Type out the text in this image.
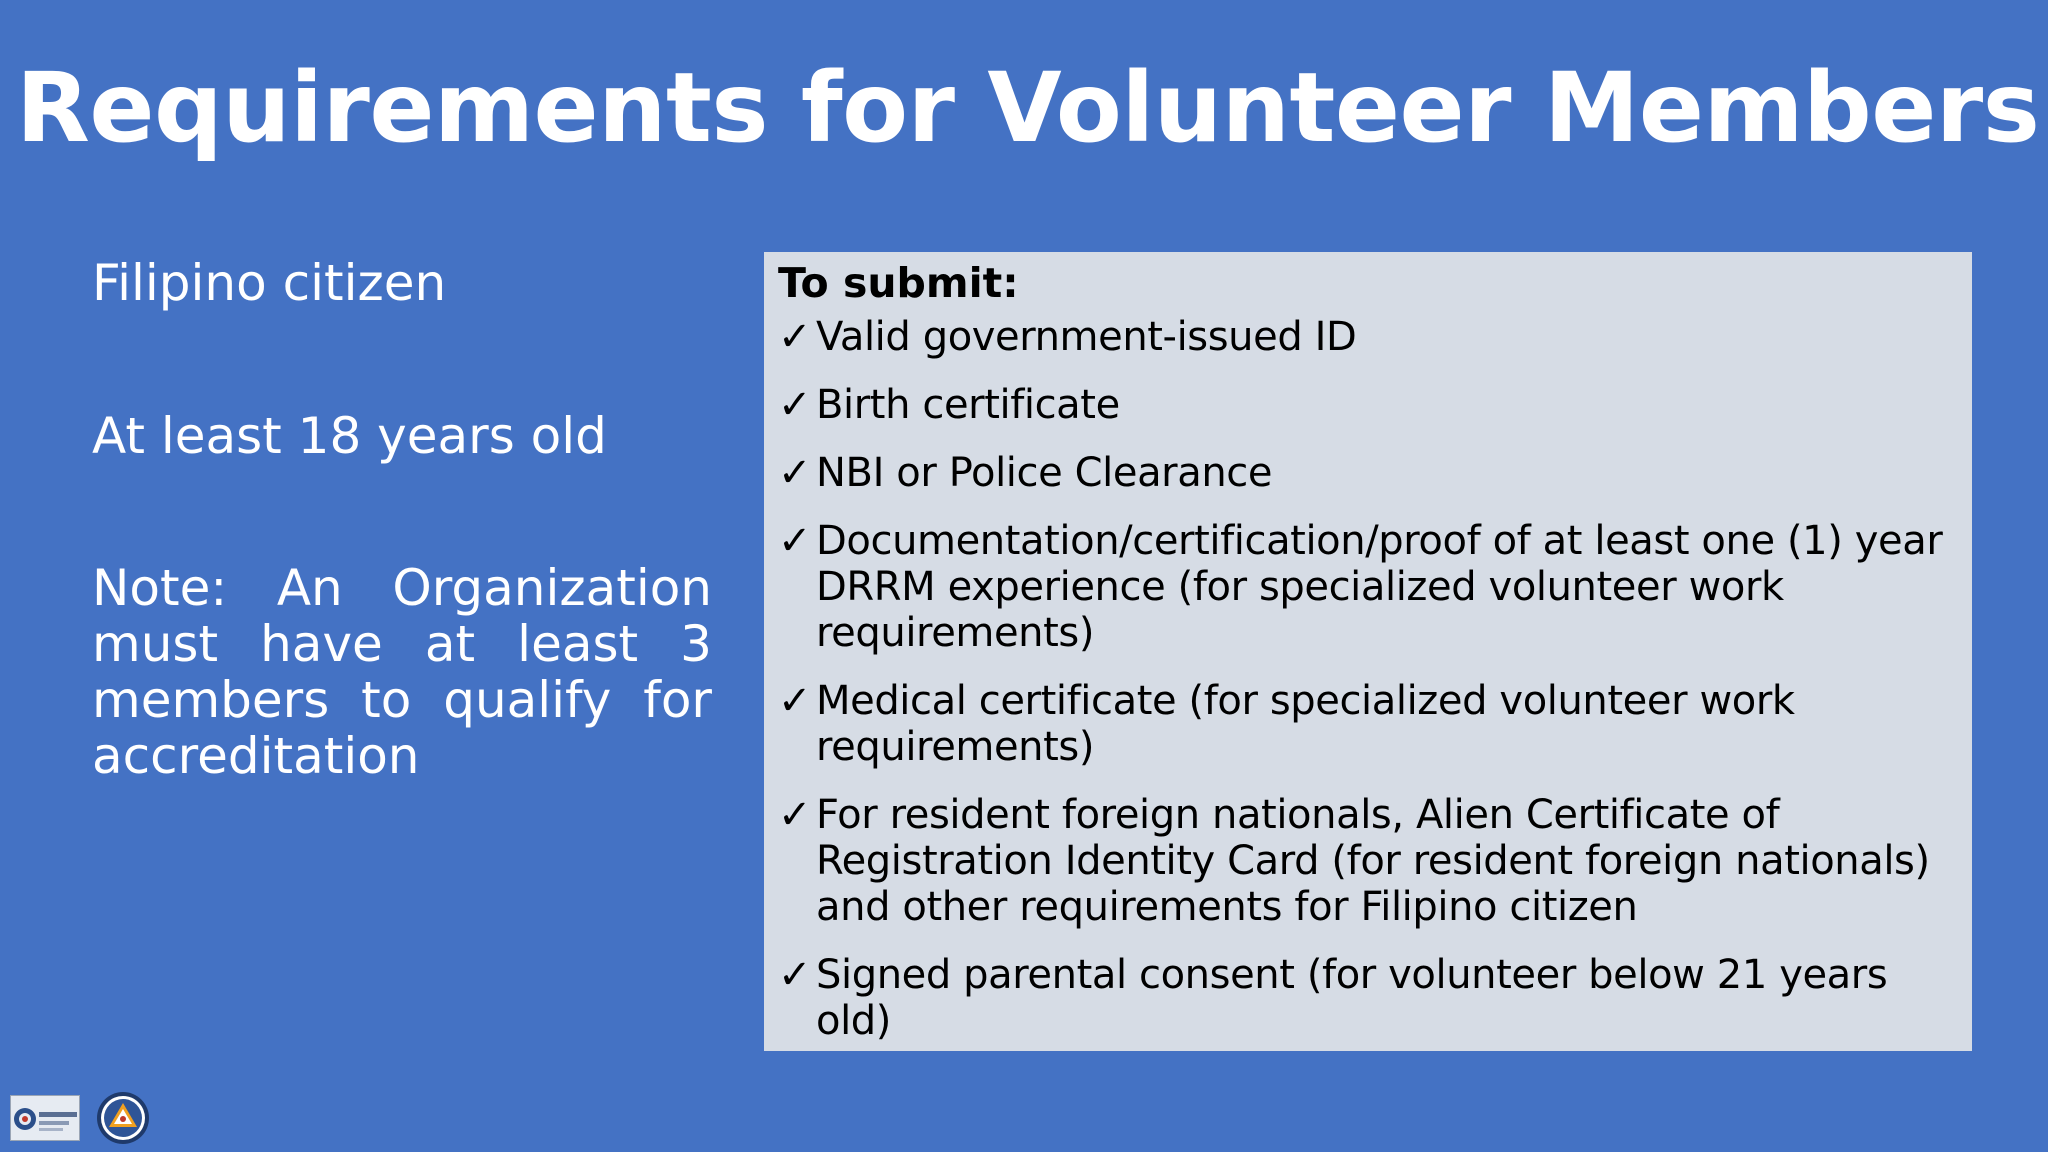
Requirements for Volunteer Members

Filipino citizen

At least 18 years old

Note: An Organization must have at least 3 members to qualify for accreditation

To submit:

✓ Valid government-issued ID
✓ Birth certificate
✓ NBI or Police Clearance
✓ Documentation/certification/proof of at least one (1) year DRRM experience (for specialized volunteer work requirements)
✓ Medical certificate (for specialized volunteer work requirements)
✓ For resident foreign nationals, Alien Certificate of Registration Identity Card (for resident foreign nationals) and other requirements for Filipino citizen
✓ Signed parental consent (for volunteer below 21 years old)
